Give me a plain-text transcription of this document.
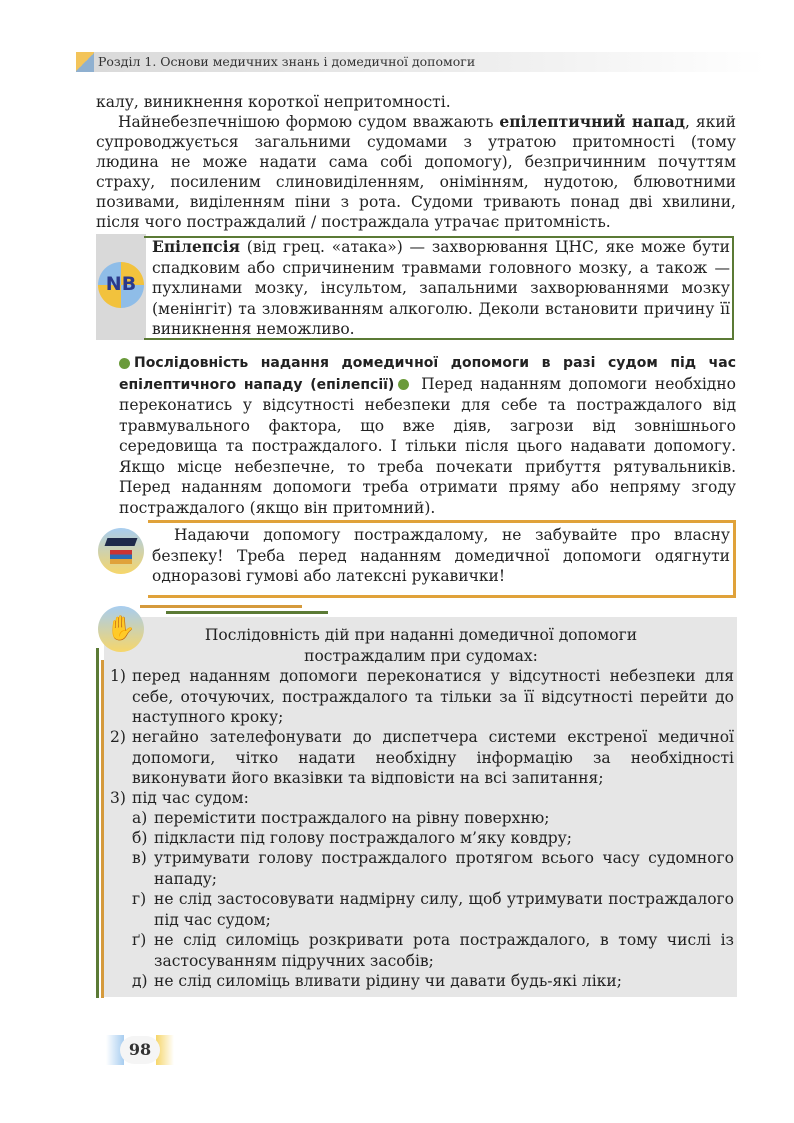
Розділ 1. Основи медичних знань і домедичної допомоги

калу, виникнення короткої непритомності.

Найнебезпечнішою формою судом вважають епілептичний напад, який супроводжується загальними судомами з утратою притомності (тому людина не може надати сама собі допомогу), безпричинним почуттям страху, посиленим слиновиділенням, онімінням, нудотою, блювотними позивами, виділенням піни з рота. Судоми тривають понад дві хвилини, після чого постраждалий / постраждала утрачає притомність.

Епілепсія (від грец. «атака») — захворювання ЦНС, яке може бути спадковим або спричиненим травмами головного мозку, а також — пухлинами мозку, інсультом, запальними захворюваннями мозку (менінгіт) та зловживанням алкоголю. Деколи встановити причину її виникнення неможливо.

NB

Послідовність надання домедичної допомоги в разі судом під час епілептичного нападу (епілепсії) Перед наданням допомоги необхідно переконатись у відсутності небезпеки для себе та постраждалого від травмувального фактора, що вже діяв, загрози від зовнішнього середовища та постраждалого. І тільки після цього надавати допомогу. Якщо місце небезпечне, то треба почекати прибуття рятувальників. Перед наданням допомоги треба отримати пряму або непряму згоду постраждалого (якщо він притомний).

Надаючи допомогу постраждалому, не забувайте про власну безпеку! Треба перед наданням домедичної допомоги одягнути одноразові гумові або латексні рукавички!

✋	Послідовність дій при наданні домедичної допомоги
постраждалим при судомах:

1) перед наданням допомоги переконатися у відсутності небезпеки для себе, оточуючих, постраждалого та тільки за її відсутності перейти до наступного кроку;

2) негайно зателефонувати до диспетчера системи екстреної медичної допомоги, чітко надати необхідну інформацію за необхідності виконувати його вказівки та відповісти на всі запитання;

3) під час судом:

а) перемістити постраждалого на рівну поверхню;

б) підкласти під голову постраждалого м’яку ковдру;

в) утримувати голову постраждалого протягом всього часу судомного нападу;

г) не слід застосовувати надмірну силу, щоб утримувати постраждалого під час судом;

ґ) не слід силоміць розкривати рота постраждалого, в тому числі із застосуванням підручних засобів;

д) не слід силоміць вливати рідину чи давати будь-які ліки;

98
